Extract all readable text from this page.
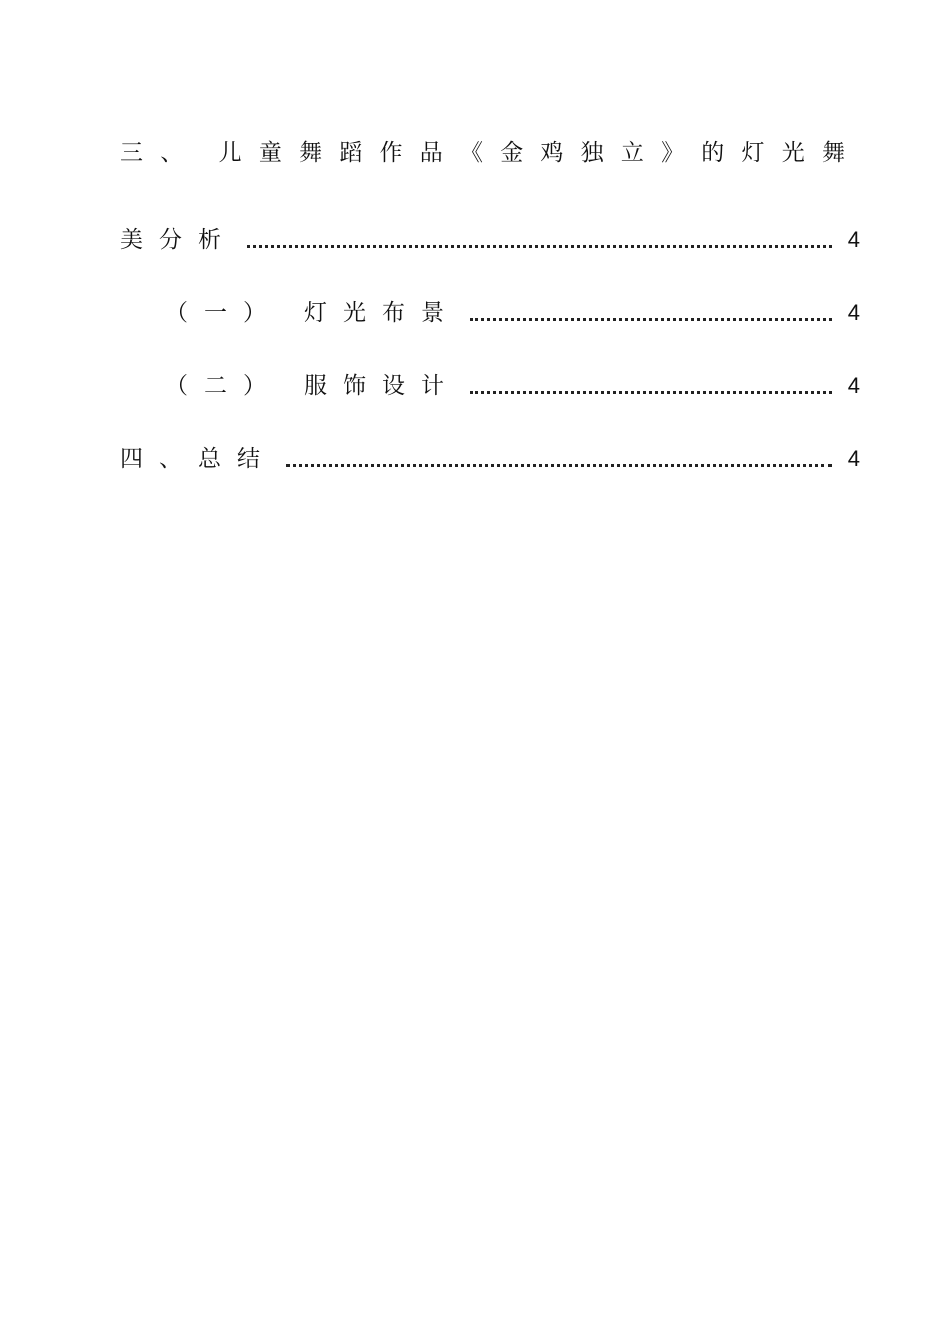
三 、 儿 童 舞 蹈 作 品 《 金 鸡 独 立 》 的 灯 光 舞
美分析	4
（一） 灯光布景	4
（二） 服饰设计	4
四、总结	4
